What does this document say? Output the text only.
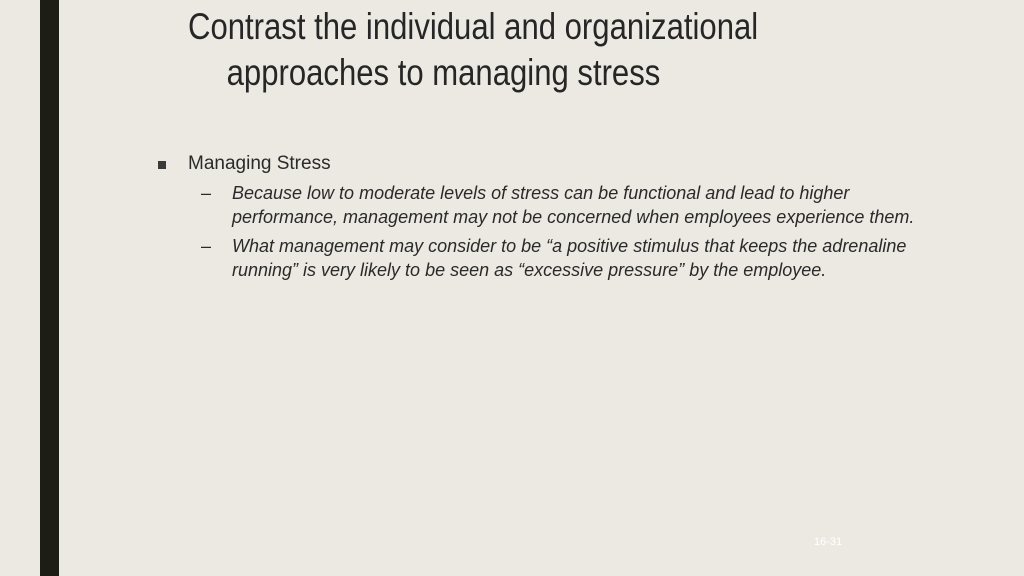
Contrast the individual and organizational
approaches to managing stress
Managing Stress
– Because low to moderate levels of stress can be functional and lead to higher performance, management may not be concerned when employees experience them.
– What management may consider to be “a positive stimulus that keeps the adrenaline running” is very likely to be seen as “excessive pressure” by the employee.
16-31
